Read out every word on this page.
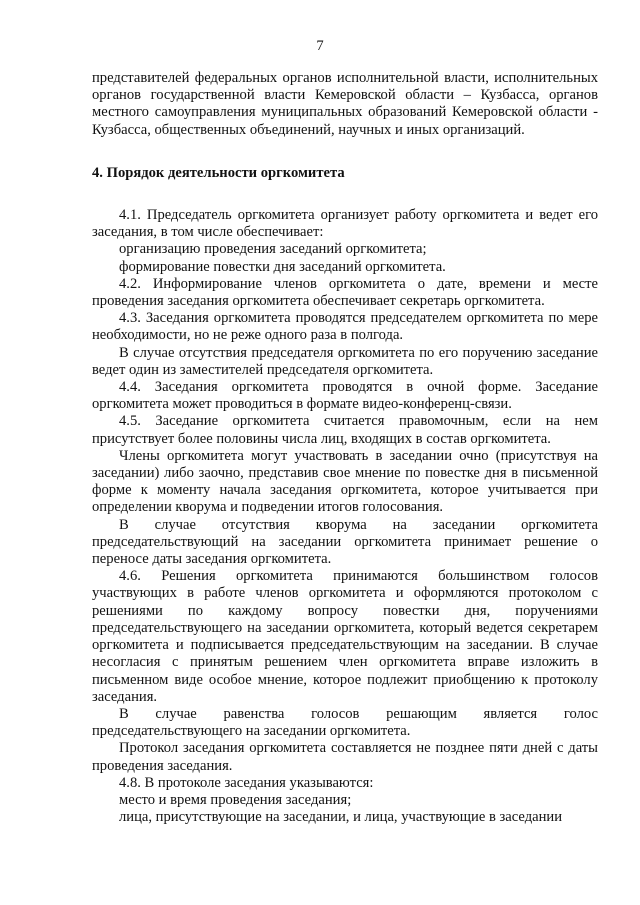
7

представителей федеральных органов исполнительной власти, исполнительных органов государственной власти Кемеровской области – Кузбасса, органов местного самоуправления муниципальных образований Кемеровской области - Кузбасса, общественных объединений, научных и иных организаций.

4. Порядок деятельности оргкомитета

4.1. Председатель оргкомитета организует работу оргкомитета и ведет его заседания, в том числе обеспечивает:

организацию проведения заседаний оргкомитета;

формирование повестки дня заседаний оргкомитета.

4.2. Информирование членов оргкомитета о дате, времени и месте проведения заседания оргкомитета обеспечивает секретарь оргкомитета.

4.3. Заседания оргкомитета проводятся председателем оргкомитета по мере необходимости, но не реже одного раза в полгода.

В случае отсутствия председателя оргкомитета по его поручению заседание ведет один из заместителей председателя оргкомитета.

4.4. Заседания оргкомитета проводятся в очной форме. Заседание оргкомитета может проводиться в формате видео-конференц-связи.

4.5. Заседание оргкомитета считается правомочным, если на нем присутствует более половины числа лиц, входящих в состав оргкомитета.

Члены оргкомитета могут участвовать в заседании очно (присутствуя на заседании) либо заочно, представив свое мнение по повестке дня в письменной форме к моменту начала заседания оргкомитета, которое учитывается при определении кворума и подведении итогов голосования.

В случае отсутствия кворума на заседании оргкомитета председательствующий на заседании оргкомитета принимает решение о переносе даты заседания оргкомитета.

4.6. Решения оргкомитета принимаются большинством голосов участвующих в работе членов оргкомитета и оформляются протоколом с решениями по каждому вопросу повестки дня, поручениями председательствующего на заседании оргкомитета, который ведется секретарем оргкомитета и подписывается председательствующим на заседании. В случае несогласия с принятым решением член оргкомитета вправе изложить в письменном виде особое мнение, которое подлежит приобщению к протоколу заседания.

В случае равенства голосов решающим является голос председательствующего на заседании оргкомитета.

Протокол заседания оргкомитета составляется не позднее пяти дней с даты проведения заседания.

4.8. В протоколе заседания указываются:

место и время проведения заседания;

лица, присутствующие на заседании, и лица, участвующие в заседании
